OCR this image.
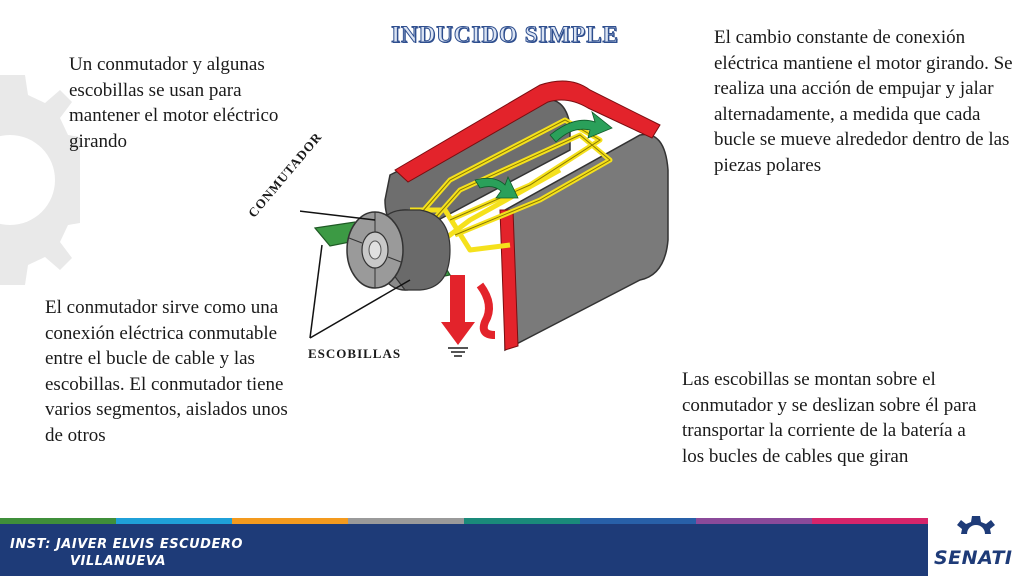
INDUCIDO SIMPLE

Un conmutador y algunas escobillas se usan para mantener el motor eléctrico girando

El cambio constante de conexión eléctrica mantiene el motor girando. Se realiza una acción de empujar y jalar alternadamente, a medida que cada bucle se mueve alrededor dentro de las piezas polares

El conmutador sirve como una conexión eléctrica conmutable entre el bucle de cable y las escobillas. El conmutador tiene varios segmentos, aislados unos de otros

Las escobillas se montan sobre el conmutador y se deslizan sobre él para transportar la corriente de la batería a los bucles de cables que giran

CONMUTADOR
ESCOBILLAS
INST: JAIVER ELVIS ESCUDERO
VILLANUEVA	SENATI
